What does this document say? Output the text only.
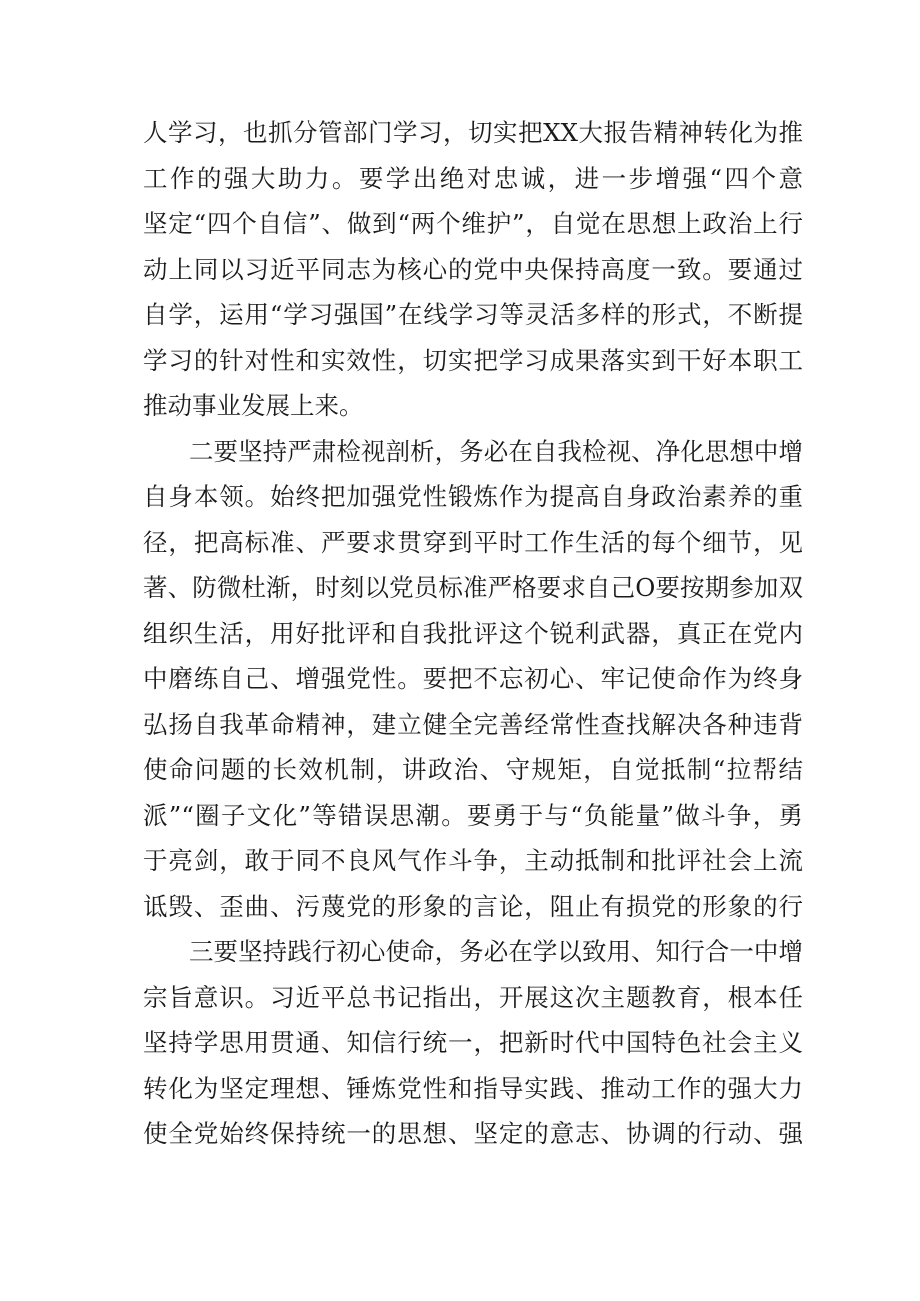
人学习，也抓分管部门学习，切实把XX大报告精神转化为推
工作的强大助力。要学出绝对忠诚，进一步增强“四个意
坚定“四个自信”、做到“两个维护”，自觉在思想上政治上行
动上同以习近平同志为核心的党中央保持高度一致。要通过
自学，运用“学习强国”在线学习等灵活多样的形式，不断提
学习的针对性和实效性，切实把学习成果落实到干好本职工
推动事业发展上来。
二要坚持严肃检视剖析，务必在自我检视、净化思想中增
自身本领。始终把加强党性锻炼作为提高自身政治素养的重
径，把高标准、严要求贯穿到平时工作生活的每个细节，见
著、防微杜渐，时刻以党员标准严格要求自己O要按期参加双
组织生活，用好批评和自我批评这个锐利武器，真正在党内
中磨练自己、增强党性。要把不忘初心、牢记使命作为终身
弘扬自我革命精神，建立健全完善经常性查找解决各种违背
使命问题的长效机制，讲政治、守规矩，自觉抵制“拉帮结
派”“圈子文化”等错误思潮。要勇于与“负能量”做斗争，勇
于亮剑，敢于同不良风气作斗争，主动抵制和批评社会上流
诋毁、歪曲、污蔑党的形象的言论，阻止有损党的形象的行
三要坚持践行初心使命，务必在学以致用、知行合一中增
宗旨意识。习近平总书记指出，开展这次主题教育，根本任
坚持学思用贯通、知信行统一，把新时代中国特色社会主义
转化为坚定理想、锤炼党性和指导实践、推动工作的强大力
使全党始终保持统一的思想、坚定的意志、协调的行动、强
